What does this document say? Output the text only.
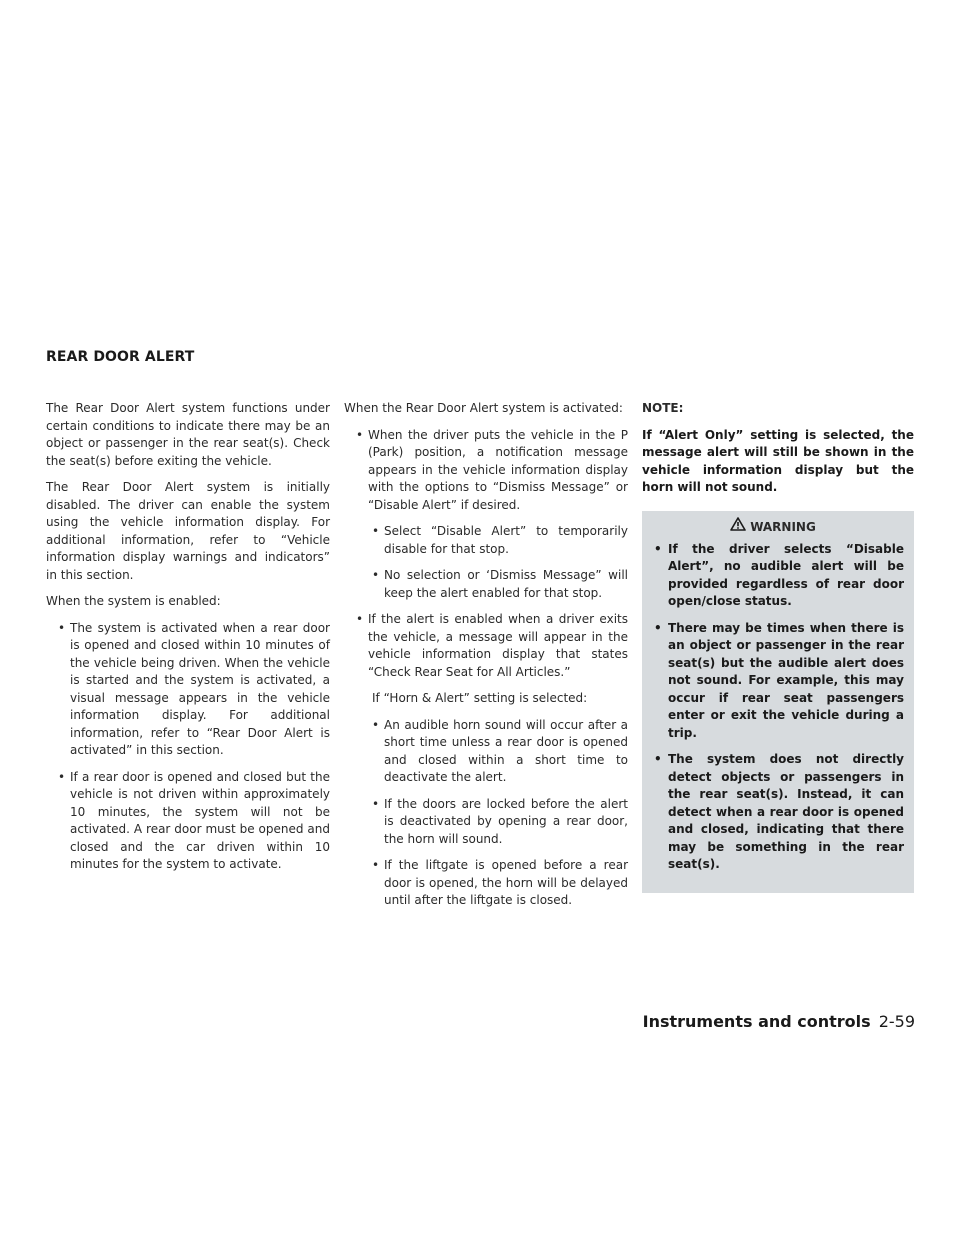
REAR DOOR ALERT

The Rear Door Alert system functions under certain conditions to indicate there may be an object or passenger in the rear seat(s). Check the seat(s) before exiting the vehicle.

The Rear Door Alert system is initially disabled. The driver can enable the system using the vehicle information display. For additional information, refer to “Vehicle information display warnings and indicators” in this section.

When the system is enabled:

• The system is activated when a rear door is opened and closed within 10 minutes of the vehicle being driven. When the vehicle is started and the system is activated, a visual message appears in the vehicle information display. For additional information, refer to “Rear Door Alert is activated” in this section.
• If a rear door is opened and closed but the vehicle is not driven within approximately 10 minutes, the system will not be activated. A rear door must be opened and closed and the car driven within 10 minutes for the system to activate.

When the Rear Door Alert system is activated:

• When the driver puts the vehicle in the P (Park) position, a notification message appears in the vehicle information display with the options to “Dismiss Message” or “Disable Alert” if desired.
• Select “Disable Alert” to temporarily disable for that stop.
• No selection or ‘Dismiss Message” will keep the alert enabled for that stop.
• If the alert is enabled when a driver exits the vehicle, a message will appear in the vehicle information display that states “Check Rear Seat for All Articles.”

If “Horn & Alert” setting is selected:

• An audible horn sound will occur after a short time unless a rear door is opened and closed within a short time to deactivate the alert.
• If the doors are locked before the alert is deactivated by opening a rear door, the horn will sound.
• If the liftgate is opened before a rear door is opened, the horn will be delayed until after the liftgate is closed.

NOTE:

If “Alert Only” setting is selected, the message alert will still be shown in the vehicle information display but the horn will not sound.

WARNING
• If the driver selects “Disable Alert”, no audible alert will be provided regardless of rear door open/close status.
• There may be times when there is an object or passenger in the rear seat(s) but the audible alert does not sound. For example, this may occur if rear seat passengers enter or exit the vehicle during a trip.
• The system does not directly detect objects or passengers in the rear seat(s). Instead, it can detect when a rear door is opened and closed, indicating that there may be something in the rear seat(s).
Instruments and controls 2-59
